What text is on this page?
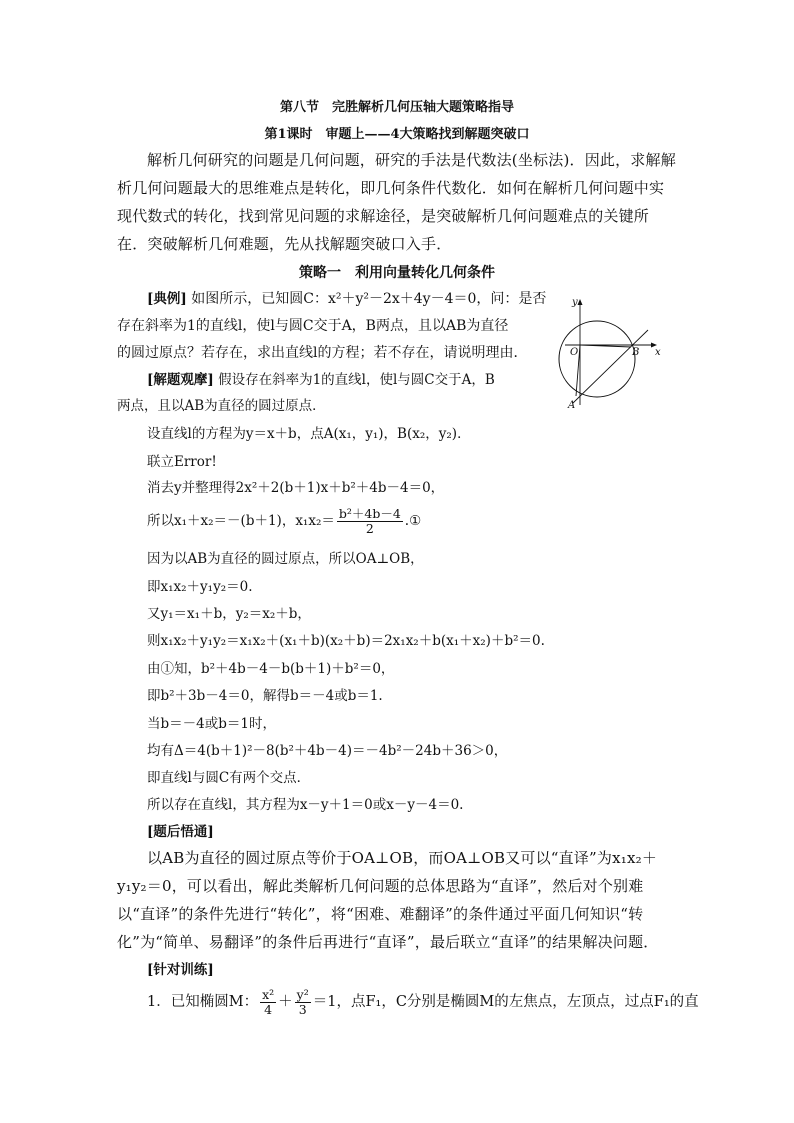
第八节　完胜解析几何压轴大题策略指导
第1课时　审题上——4大策略找到解题突破口
解析几何研究的问题是几何问题，研究的手法是代数法(坐标法)．因此，求解解析几何问题最大的思维难点是转化，即几何条件代数化．如何在解析几何问题中实现代数式的转化，找到常见问题的求解途径，是突破解析几何问题难点的关键所在．突破解析几何难题，先从找解题突破口入手．
策略一　利用向量转化几何条件
[典例] 如图所示，已知圆C：x²＋y²－2x＋4y－4＝0，问：是否
存在斜率为1的直线l，使l与圆C交于A，B两点，且以AB为直径
的圆过原点？若存在，求出直线l的方程；若不存在，请说明理由．
y
x
O
A
B
[解题观摩] 假设存在斜率为1的直线l，使l与圆C交于A，B
两点，且以AB为直径的圆过原点．
设直线l的方程为y＝x＋b，点A(x₁，y₁)，B(x₂，y₂)．
联立Error!
消去y并整理得2x²＋2(b＋1)x＋b²＋4b－4＝0，
所以x₁＋x₂＝－(b＋1)，$x_1x_2= \frac{\text{b²＋4b－4}}{2}$ .①
因为以AB为直径的圆过原点，所以OA⊥OB，
即x₁x₂＋y₁y₂＝0.
又y₁＝x₁＋b，y₂＝x₂＋b，
则x₁x₂＋y₁y₂＝x₁x₂＋(x₁＋b)(x₂＋b)＝2x₁x₂＋b(x₁＋x₂)＋b²＝0.
由①知，b²＋4b－4－b(b＋1)＋b²＝0，
即b²＋3b－4＝0，解得b＝－4或b＝1.
当b＝－4或b＝1时，
均有Δ＝4(b＋1)²－8(b²＋4b－4)＝－4b²－24b＋36＞0，
即直线l与圆C有两个交点．
所以存在直线l，其方程为x－y＋1＝0或x－y－4＝0.
[题后悟通]
以AB为直径的圆过原点等价于OA⊥OB，而OA⊥OB又可以“直译”为x₁x₂＋y₁y₂＝0，可以看出，解此类解析几何问题的总体思路为“直译”，然后对个别难以“直译”的条件先进行“转化”，将“困难、难翻译”的条件通过平面几何知识“转化”为“简单、易翻译”的条件后再进行“直译”，最后联立“直译”的结果解决问题．
[针对训练]
1．已知椭圆M： $\frac{\text{x²}}{4} + \frac{\text{y²}}{3} =1$，点F₁，C分别是椭圆M的左焦点，左顶点，过点F₁的直
